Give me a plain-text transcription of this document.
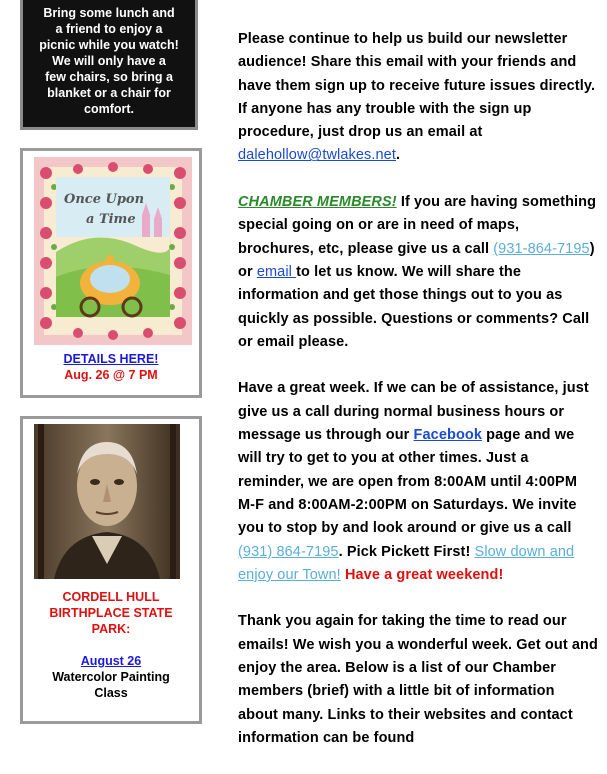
Bring some lunch and
a friend to enjoy a
picnic while you watch!
We will only have a
few chairs, so bring a
blanket or a chair for
comfort.
Once Upon
a Time
DETAILS HERE!
Aug. 26 @ 7 PM
CORDELL HULL
BIRTHPLACE STATE
PARK:
August 26
Watercolor Painting
Class

Please continue to help us build our newsletter audience! Share this email with your friends and have them sign up to receive future issues directly. If anyone has any trouble with the sign up procedure, just drop us an email at dalehollow@twlakes.net.

CHAMBER MEMBERS! If you are having something special going on or are in need of maps, brochures, etc, please give us a call (931-864-7195) or email to let us know. We will share the information and get those things out to you as quickly as possible. Questions or comments? Call or email please.

Have a great week. If we can be of assistance, just give us a call during normal business hours or message us through our Facebook page and we will try to get to you at other times. Just a reminder, we are open from 8:00AM until 4:00PM M-F and 8:00AM-2:00PM on Saturdays. We invite you to stop by and look around or give us a call (931) 864-7195. Pick Pickett First! Slow down and enjoy our Town! Have a great weekend!

Thank you again for taking the time to read our emails! We wish you a wonderful week. Get out and enjoy the area. Below is a list of our Chamber members (brief) with a little bit of information about many. Links to their websites and contact information can be found
